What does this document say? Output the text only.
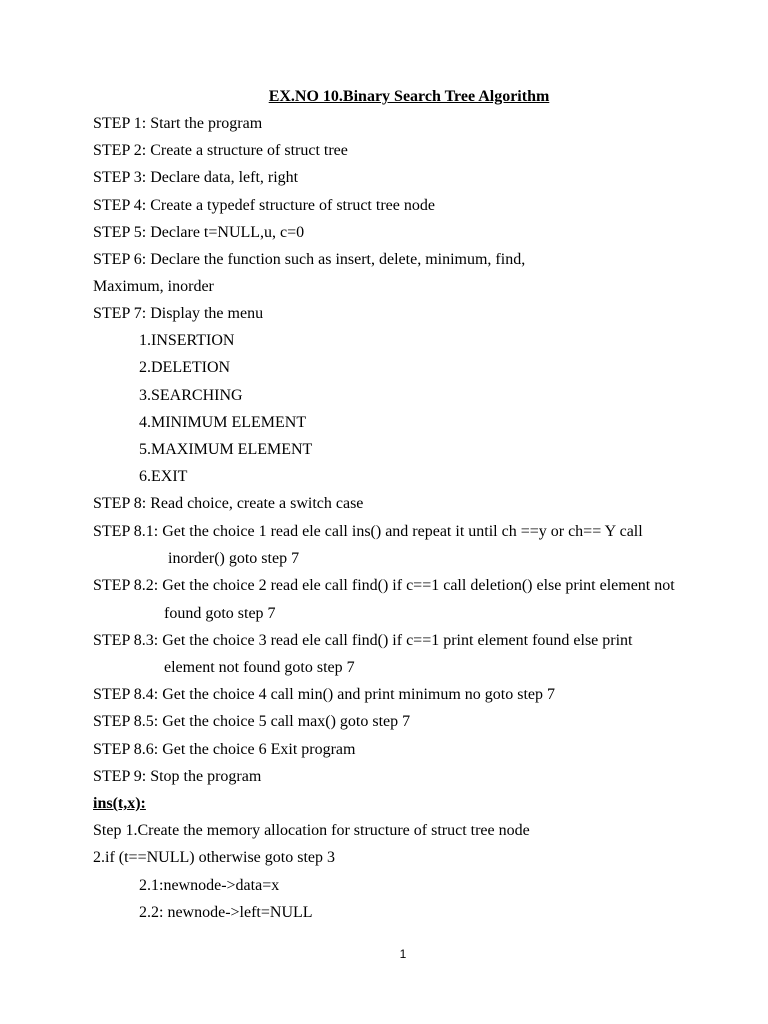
EX.NO 10.Binary Search Tree Algorithm
STEP 1: Start the program
STEP 2: Create a structure of struct tree
STEP 3: Declare data, left, right
STEP 4: Create a typedef structure of struct tree node
STEP 5: Declare t=NULL,u, c=0
STEP 6: Declare the function such as insert, delete, minimum, find,
Maximum, inorder
STEP 7: Display the menu
1.INSERTION
2.DELETION
3.SEARCHING
4.MINIMUM ELEMENT
5.MAXIMUM ELEMENT
6.EXIT
STEP 8: Read choice, create a switch case
STEP 8.1: Get the choice 1 read ele call ins() and repeat it until ch ==y or ch== Y call
inorder() goto step 7
STEP 8.2: Get the choice 2 read ele call find() if c==1 call deletion() else print element not
found goto step 7
STEP 8.3: Get the choice 3 read ele call find() if c==1 print element found else print
element not found goto step 7
STEP 8.4: Get the choice 4 call min() and print minimum no goto step 7
STEP 8.5: Get the choice 5 call max() goto step 7
STEP 8.6: Get the choice 6 Exit program
STEP 9: Stop the program
ins(t,x):
Step 1.Create the memory allocation for structure of struct tree node
2.if (t==NULL) otherwise goto step 3
2.1:newnode->data=x
2.2: newnode->left=NULL
1
